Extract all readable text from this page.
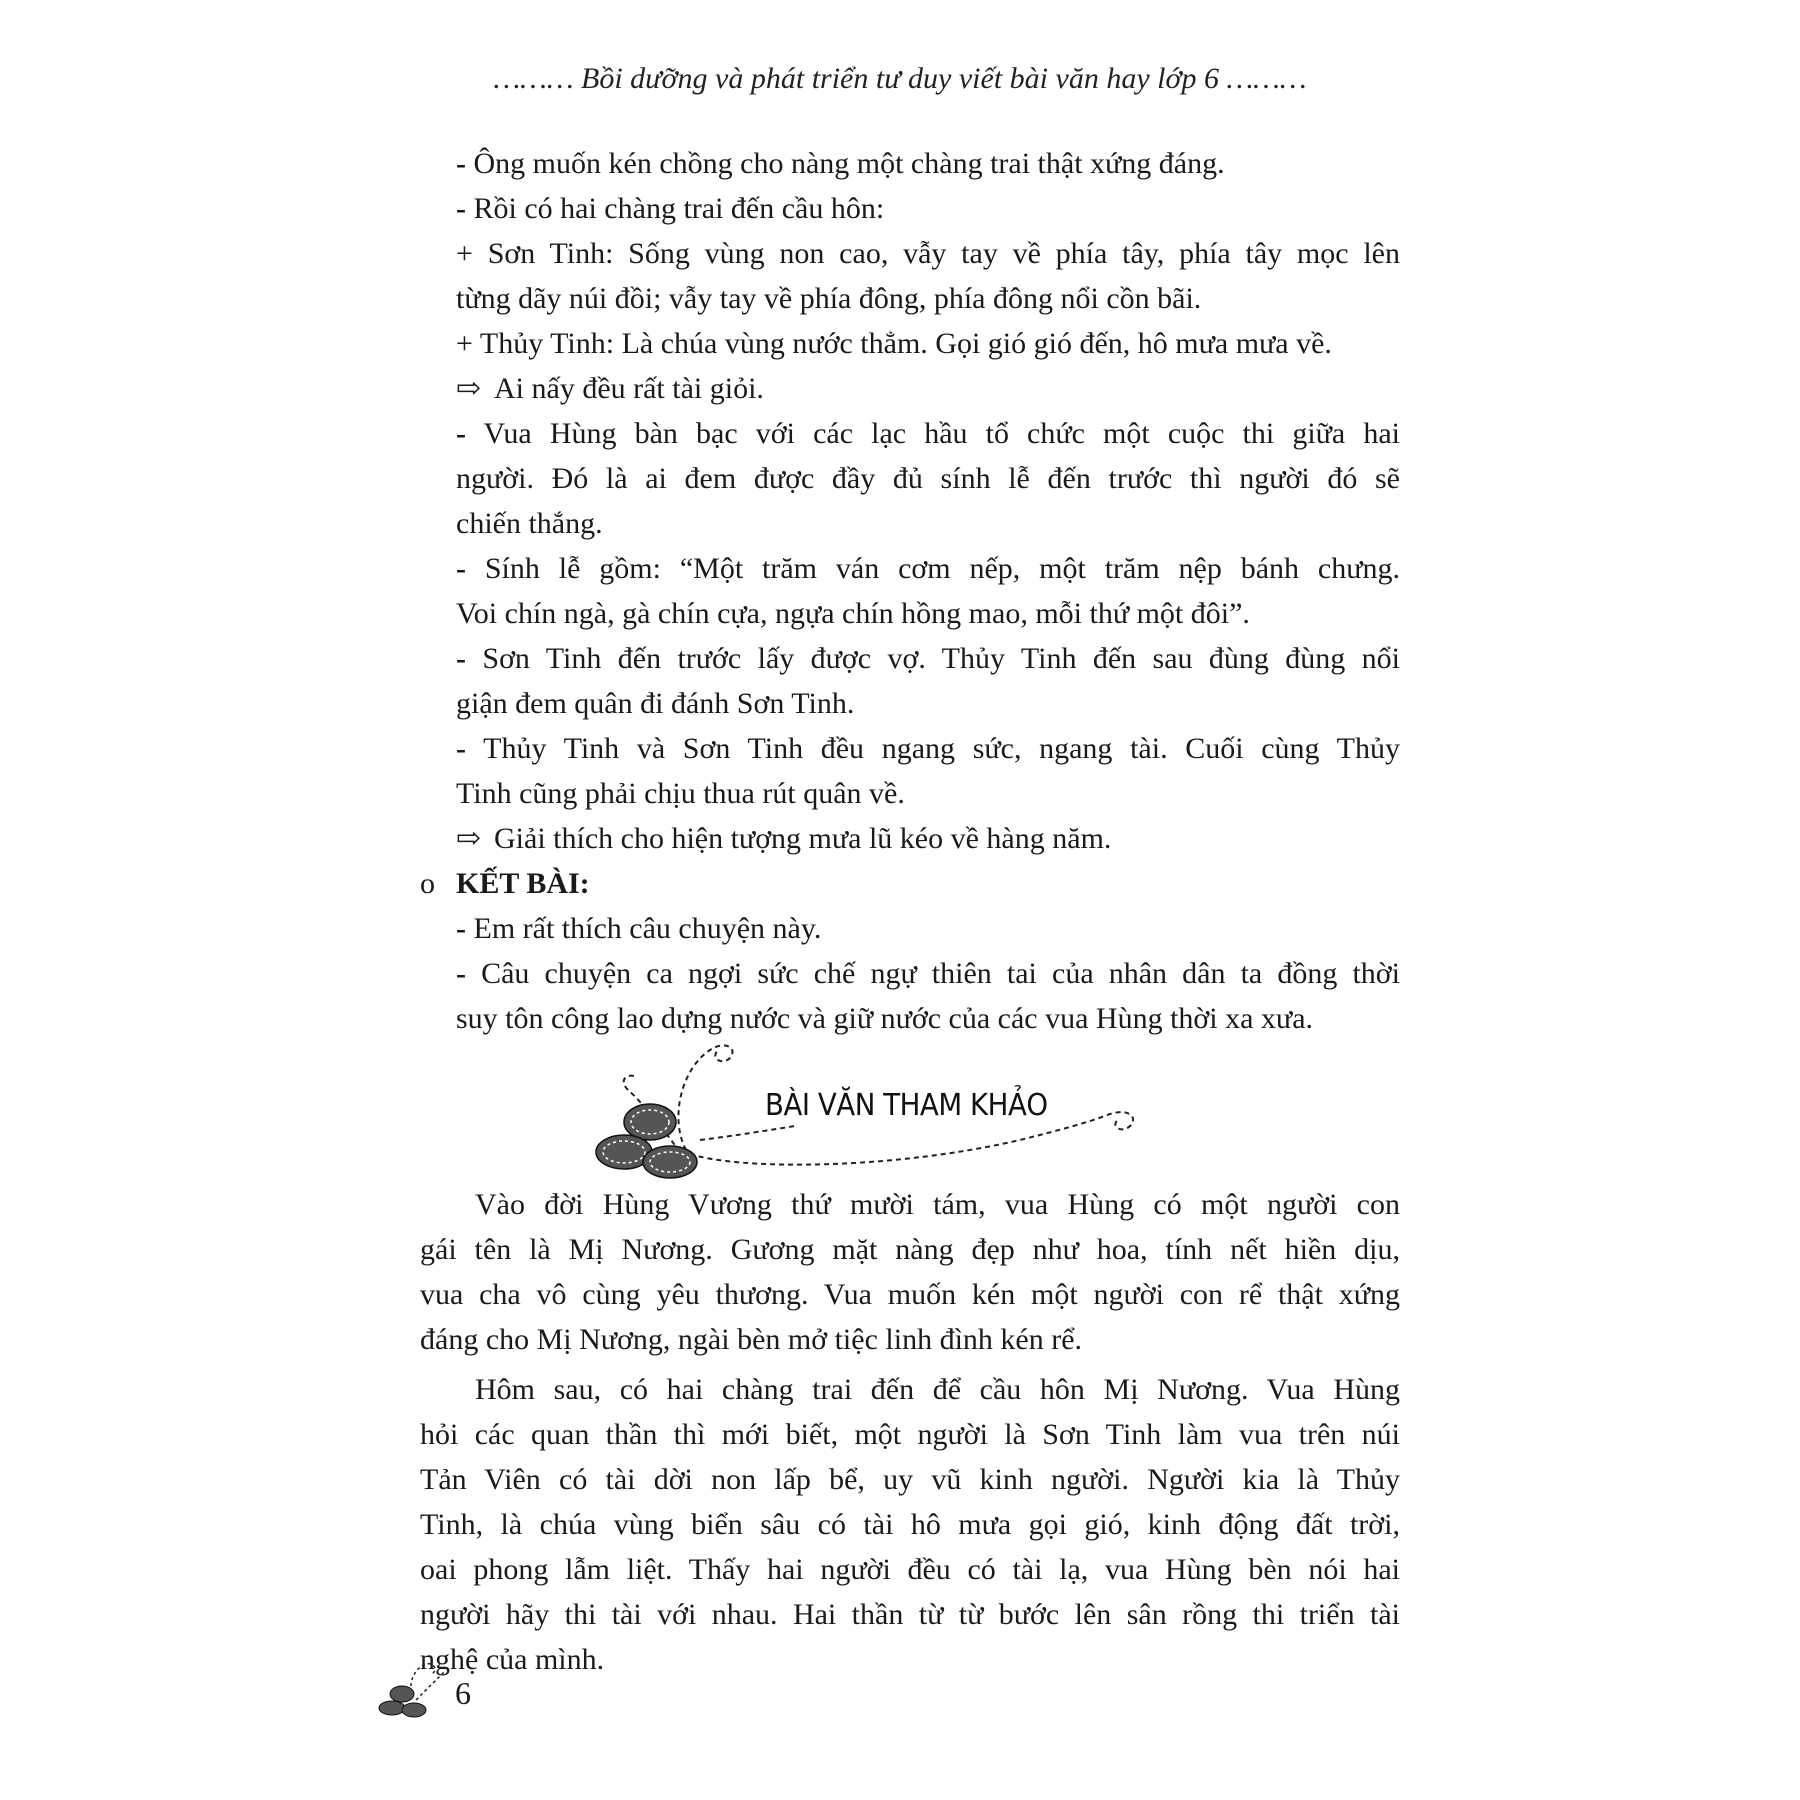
……… Bồi dưỡng và phát triển tư duy viết bài văn hay lớp 6 ………
- Ông muốn kén chồng cho nàng một chàng trai thật xứng đáng.
- Rồi có hai chàng trai đến cầu hôn:
+ Sơn Tinh: Sống vùng non cao, vẫy tay về phía tây, phía tây mọc lên
từng dãy núi đồi; vẫy tay về phía đông, phía đông nổi cồn bãi.
+ Thủy Tinh: Là chúa vùng nước thẳm. Gọi gió gió đến, hô mưa mưa về.
⇨ Ai nấy đều rất tài giỏi.
- Vua Hùng bàn bạc với các lạc hầu tổ chức một cuộc thi giữa hai
người. Đó là ai đem được đầy đủ sính lễ đến trước thì người đó sẽ
chiến thắng.
- Sính lễ gồm: “Một trăm ván cơm nếp, một trăm nệp bánh chưng.
Voi chín ngà, gà chín cựa, ngựa chín hồng mao, mỗi thứ một đôi”.
- Sơn Tinh đến trước lấy được vợ. Thủy Tinh đến sau đùng đùng nổi
giận đem quân đi đánh Sơn Tinh.
- Thủy Tinh và Sơn Tinh đều ngang sức, ngang tài. Cuối cùng Thủy
Tinh cũng phải chịu thua rút quân về.
⇨ Giải thích cho hiện tượng mưa lũ kéo về hàng năm.
o KẾT BÀI:
- Em rất thích câu chuyện này.
- Câu chuyện ca ngợi sức chế ngự thiên tai của nhân dân ta đồng thời
suy tôn công lao dựng nước và giữ nước của các vua Hùng thời xa xưa.
BÀI VĂN THAM KHẢO
Vào đời Hùng Vương thứ mười tám, vua Hùng có một người con
gái tên là Mị Nương. Gương mặt nàng đẹp như hoa, tính nết hiền dịu,
vua cha vô cùng yêu thương. Vua muốn kén một người con rể thật xứng
đáng cho Mị Nương, ngài bèn mở tiệc linh đình kén rể.
Hôm sau, có hai chàng trai đến để cầu hôn Mị Nương. Vua Hùng
hỏi các quan thần thì mới biết, một người là Sơn Tinh làm vua trên núi
Tản Viên có tài dời non lấp bể, uy vũ kinh người. Người kia là Thủy
Tinh, là chúa vùng biển sâu có tài hô mưa gọi gió, kinh động đất trời,
oai phong lẫm liệt. Thấy hai người đều có tài lạ, vua Hùng bèn nói hai
người hãy thi tài với nhau. Hai thần từ từ bước lên sân rồng thi triển tài
nghệ của mình.
6
